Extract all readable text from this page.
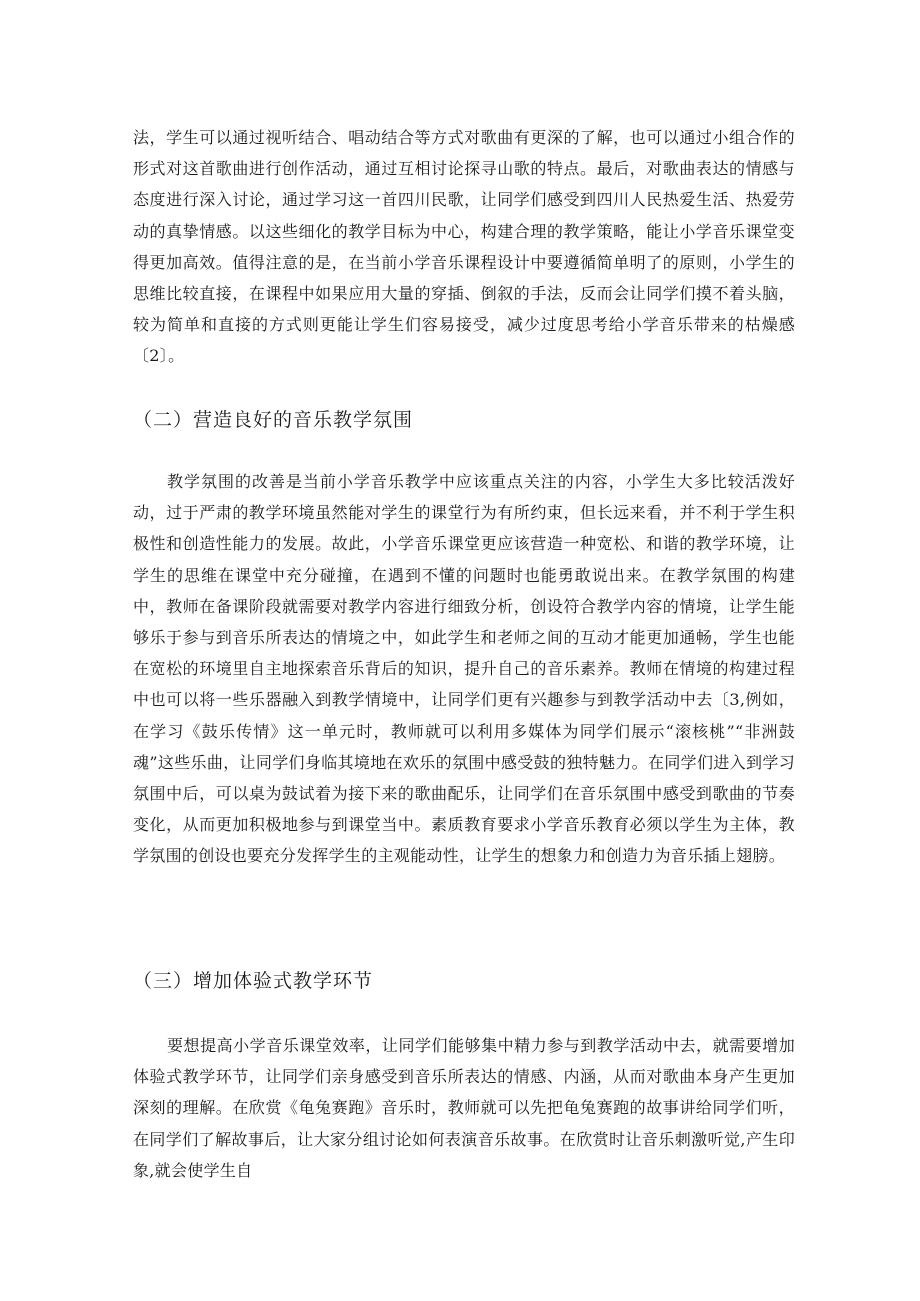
法，学生可以通过视听结合、唱动结合等方式对歌曲有更深的了解，也可以通过小组合作的形式对这首歌曲进行创作活动，通过互相讨论探寻山歌的特点。最后，对歌曲表达的情感与态度进行深入讨论，通过学习这一首四川民歌，让同学们感受到四川人民热爱生活、热爱劳动的真挚情感。以这些细化的教学目标为中心，构建合理的教学策略，能让小学音乐课堂变得更加高效。值得注意的是，在当前小学音乐课程设计中要遵循简单明了的原则，小学生的思维比较直接，在课程中如果应用大量的穿插、倒叙的手法，反而会让同学们摸不着头脑，较为简单和直接的方式则更能让学生们容易接受，减少过度思考给小学音乐带来的枯燥感〔2〕。

（二）营造良好的音乐教学氛围

教学氛围的改善是当前小学音乐教学中应该重点关注的内容，小学生大多比较活泼好动，过于严肃的教学环境虽然能对学生的课堂行为有所约束，但长远来看，并不利于学生积极性和创造性能力的发展。故此，小学音乐课堂更应该营造一种宽松、和谐的教学环境，让学生的思维在课堂中充分碰撞，在遇到不懂的问题时也能勇敢说出来。在教学氛围的构建中，教师在备课阶段就需要对教学内容进行细致分析，创设符合教学内容的情境，让学生能够乐于参与到音乐所表达的情境之中，如此学生和老师之间的互动才能更加通畅，学生也能在宽松的环境里自主地探索音乐背后的知识，提升自己的音乐素养。教师在情境的构建过程中也可以将一些乐器融入到教学情境中，让同学们更有兴趣参与到教学活动中去〔3,例如，在学习《鼓乐传情》这一单元时，教师就可以利用多媒体为同学们展示“滚核桃”“非洲鼓魂”这些乐曲，让同学们身临其境地在欢乐的氛围中感受鼓的独特魅力。在同学们进入到学习氛围中后，可以桌为鼓试着为接下来的歌曲配乐，让同学们在音乐氛围中感受到歌曲的节奏变化，从而更加积极地参与到课堂当中。素质教育要求小学音乐教育必须以学生为主体，教学氛围的创设也要充分发挥学生的主观能动性，让学生的想象力和创造力为音乐插上翅膀。

（三）增加体验式教学环节

要想提高小学音乐课堂效率，让同学们能够集中精力参与到教学活动中去，就需要增加体验式教学环节，让同学们亲身感受到音乐所表达的情感、内涵，从而对歌曲本身产生更加深刻的理解。在欣赏《龟兔赛跑》音乐时，教师就可以先把龟兔赛跑的故事讲给同学们听，在同学们了解故事后，让大家分组讨论如何表演音乐故事。在欣赏时让音乐刺激听觉,产生印象,就会使学生自
